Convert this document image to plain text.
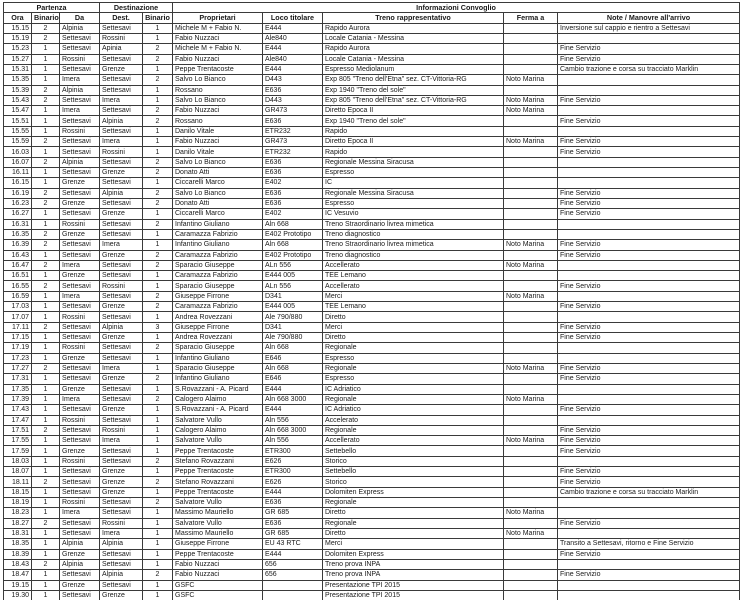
Partenza			Destinazione		Informazioni Convoglio				
Ora	Binario	Da	Dest.	Binario	Proprietari	Loco titolare	Treno rappresentativo	Ferma a	Note / Manovre all'arrivo
15.15	2	Alpinia	Settesavi	1	Michele M + Fabio N.	E444	Rapido Aurora		Inversione sul cappio e rientro a Settesavi
15.19	2	Settesavi	Rossini	1	Fabio Nuzzaci	Ale840	Locale Catania - Messina		
15.23	1	Settesavi	Apinia	2	Michele M + Fabio N.	E444	Rapido Aurora		Fine Servizio
15.27	1	Rossini	Settesavi	2	Fabio Nuzzaci	Ale840	Locale Catania - Messina		Fine Servizio
15.31	1	Settesavi	Grenze	1	Peppe Trentacoste	E444	Espresso Mediolanum		Cambio trazione e corsa su tracciato Marklin
15.35	1	Imera	Settesavi	2	Salvo Lo Bianco	D443	Exp 805 "Treno dell'Etna" sez. CT-Vittoria-RG	Noto Marina	
15.39	2	Alpinia	Settesavi	1	Rossano	E636	Exp 1940 "Treno del sole"		
15.43	2	Settesavi	Imera	1	Salvo Lo Bianco	D443	Exp 805 "Treno dell'Etna" sez. CT-Vittoria-RG	Noto Marina	Fine Servizio
15.47	1	Imera	Settesavi	2	Fabio Nuzzaci	GR473	Diretto Epoca II	Noto Marina	
15.51	1	Settesavi	Alpinia	2	Rossano	E636	Exp 1940 "Treno del sole"		Fine Servizio
15.55	1	Rossini	Settesavi	1	Danilo Vitale	ETR232	Rapido		
15.59	2	Settesavi	Imera	1	Fabio Nuzzaci	GR473	Diretto Epoca II	Noto Marina	Fine Servizio
16.03	1	Settesavi	Rossini	1	Danilo Vitale	ETR232	Rapido		Fine Servizio
16.07	2	Alpinia	Settesavi	2	Salvo Lo Bianco	E636	Regionale Messina Siracusa		
16.11	1	Settesavi	Grenze	2	Donato Atti	E636	Espresso		
16.15	1	Grenze	Settesavi	1	Ciccarelli Marco	E402	IC		
16.19	2	Settesavi	Alpinia	2	Salvo Lo Bianco	E636	Regionale Messina Siracusa		Fine Servizio
16.23	2	Grenze	Settesavi	2	Donato Atti	E636	Espresso		Fine Servizio
16.27	1	Settesavi	Grenze	1	Ciccarelli Marco	E402	IC Vesuvio		Fine Servizio
16.31	1	Rossini	Settesavi	2	Infantino Giuliano	Aln 668	Treno Straordinario livrea mimetica		
16.35	2	Grenze	Settesavi	1	Caramazza Fabrizio	E402 Prototipo	Treno diagnostico		
16.39	2	Settesavi	Imera	1	Infantino Giuliano	Aln 668	Treno Straordinario livrea mimetica	Noto Marina	Fine Servizio
16.43	1	Settesavi	Grenze	2	Caramazza Fabrizio	E402 Prototipo	Treno diagnostico		Fine Servizio
16.47	2	Imera	Settesavi	2	Sparacio Giuseppe	ALn 556	Accellerato	Noto Marina	
16.51	1	Grenze	Settesavi	1	Caramazza Fabrizio	E444 005	TEE Lemano		
16.55	2	Settesavi	Rossini	1	Sparacio Giuseppe	ALn 556	Accellerato		Fine Servizio
16.59	1	Imera	Settesavi	2	Giuseppe Firrone	D341	Merci	Noto Marina	
17.03	1	Settesavi	Grenze	2	Caramazza Fabrizio	E444 005	TEE Lemano		Fine Servizio
17.07	1	Rossini	Settesavi	1	Andrea Rovezzani	Ale 790/880	Diretto		
17.11	2	Settesavi	Alpinia	3	Giuseppe Firrone	D341	Merci		Fine Servizio
17.15	1	Settesavi	Grenze	1	Andrea Rovezzani	Ale 790/880	Diretto		Fine Servizio
17.19	1	Rossini	Settesavi	2	Sparacio Giuseppe	Aln 668	Regionale		
17.23	1	Grenze	Settesavi	1	Infantino Giuliano	E646	Espresso		
17.27	2	Settesavi	Imera	1	Sparacio Giuseppe	Aln 668	Regionale	Noto Marina	Fine Servizio
17.31	1	Settesavi	Grenze	2	Infantino Giuliano	E646	Espresso		Fine Servizio
17.35	1	Grenze	Settesavi	1	S.Rovazzani - A. Picard	E444	IC Adriatico		
17.39	1	Imera	Settesavi	2	Calogero Alaimo	Aln 668 3000	Regionale	Noto Marina	
17.43	1	Settesavi	Grenze	1	S.Rovazzani - A. Picard	E444	IC Adriatico		Fine Servizio
17.47	1	Rossini	Settesavi	1	Salvatore Vullo	Aln 556	Accelerato		
17.51	2	Settesavi	Rossini	1	Calogero Alaimo	Aln 668 3000	Regionale		Fine Servizio
17.55	1	Settesavi	Imera	1	Salvatore Vullo	Aln 556	Accellerato	Noto Marina	Fine Servizio
17.59	1	Grenze	Settesavi	1	Peppe Trentacoste	ETR300	Settebello		Fine Servizio
18.03	1	Rossini	Settesavi	2	Stefano Rovazzani	E626	Storico		
18.07	1	Settesavi	Grenze	1	Peppe Trentacoste	ETR300	Settebello		Fine Servizio
18.11	2	Settesavi	Grenze	2	Stefano Rovazzani	E626	Storico		Fine Servizio
18.15	1	Settesavi	Grenze	1	Peppe Trentacoste	E444	Dolomiten Express		Cambio trazione e corsa su tracciato Marklin
18.19	1	Rossini	Settesavi	2	Salvatore Vullo	E636	Regionale		
18.23	1	Imera	Settesavi	1	Massimo Mauriello	GR 685	Diretto	Noto Marina	
18.27	2	Settesavi	Rossini	1	Salvatore Vullo	E636	Regionale		Fine Servizio
18.31	1	Settesavi	Imera	1	Massimo Mauriello	GR 685	Diretto	Noto Marina	
18.35	1	Alpinia	Alpinia	1	Giuseppe Firrone	EU 43 RTC	Merci		Transito a Settesavi, ritorno e Fine Servizio
18.39	1	Grenze	Settesavi	1	Peppe Trentacoste	E444	Dolomiten Express		Fine Servizio
18.43	2	Alpinia	Settesavi	1	Fabio Nuzzaci	656	Treno prova INPA		
18.47	1	Settesavi	Alpinia	2	Fabio Nuzzaci	656	Treno prova INPA		Fine Servizio
19.15	1	Grenze	Settesavi	1	GSFC		Presentazione TPI 2015		
19.30	1	Settesavi	Grenze	1	GSFC		Presentazione TPI 2015		
